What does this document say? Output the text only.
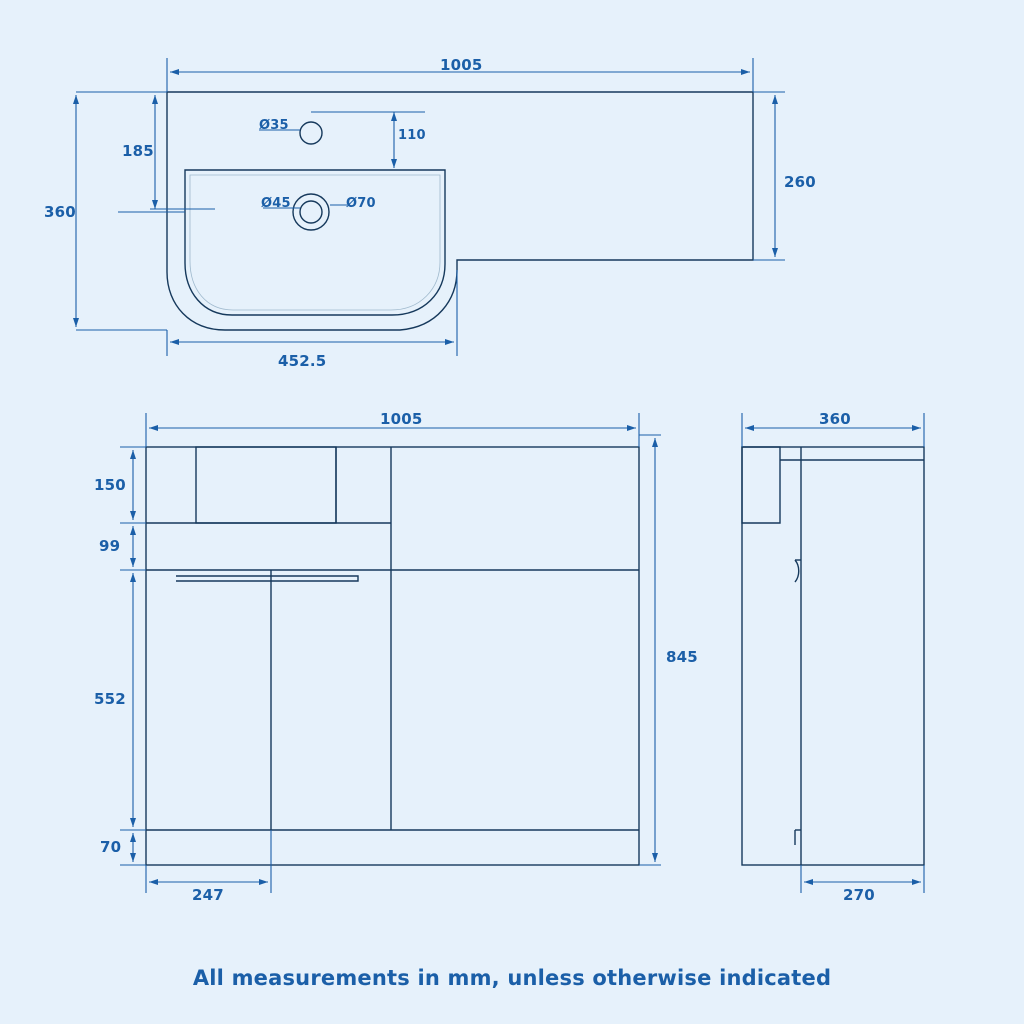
1005
185
360
260
110
Ø35
Ø45	Ø70
452.5
1005
845
150
99
552
70
247
360
270
All measurements in mm, unless otherwise indicated
